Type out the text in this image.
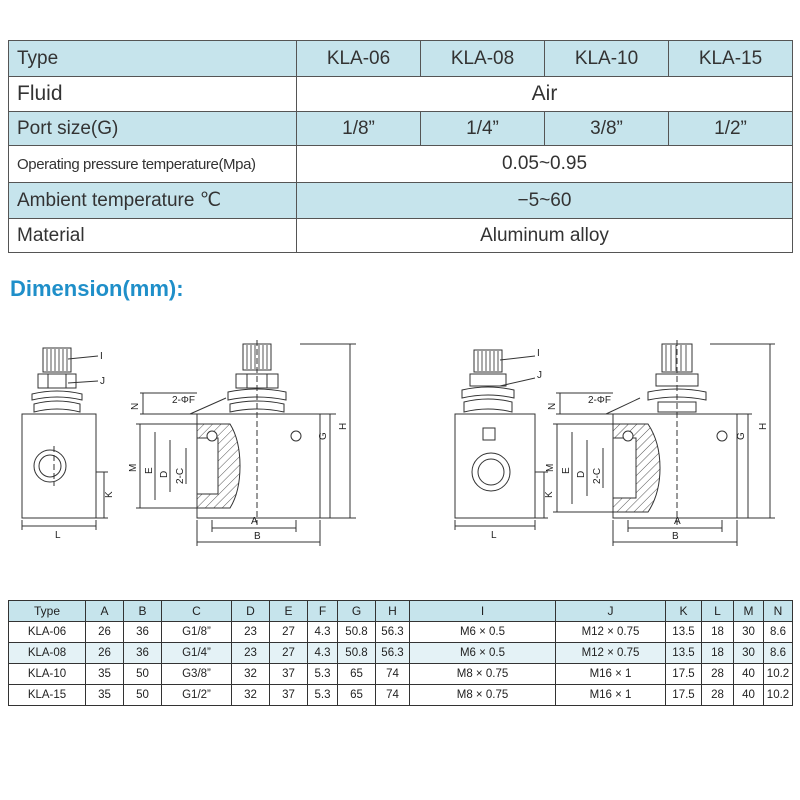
Type	KLA-06	KLA-08	KLA-10	KLA-15
Fluid	Air			
Port size(G)	1/8”	1/4”	3/8”	1/2”
Operating pressure temperature(Mpa)	0.05~0.95			
Ambient temperature ℃	−5~60			
Material	Aluminum alloy			
Dimension(mm):
I
J
K
L
N
2-ΦF
G
H
M E
D 2-C
A
B
I
J
K
L
N
2-ΦF
G
H
M E
D 2-C
A
B
Type	A	B	C	D	E	F	G	H	I	J	K	L	M	N
KLA-06	26	36	G1/8”	23	27	4.3	50.8	56.3	M6 × 0.5	M12 × 0.75	13.5	18	30	8.6
KLA-08	26	36	G1/4”	23	27	4.3	50.8	56.3	M6 × 0.5	M12 × 0.75	13.5	18	30	8.6
KLA-10	35	50	G3/8”	32	37	5.3	65	74	M8 × 0.75	M16 × 1	17.5	28	40	10.2
KLA-15	35	50	G1/2”	32	37	5.3	65	74	M8 × 0.75	M16 × 1	17.5	28	40	10.2
